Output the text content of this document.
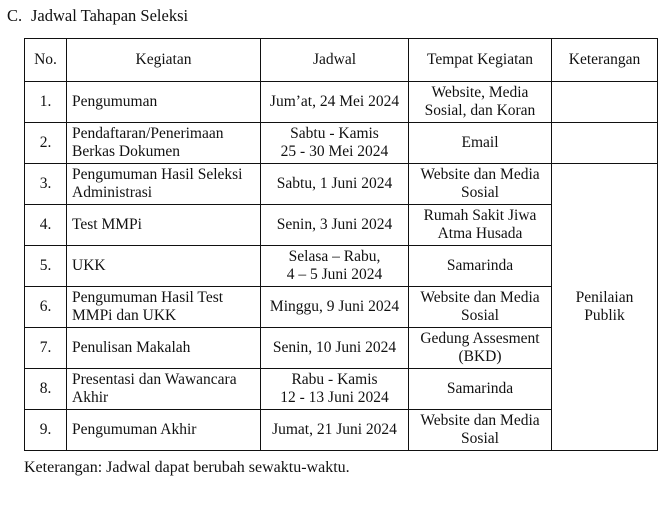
C. Jadwal Tahapan Seleksi
No.	Kegiatan	Jadwal	Tempat Kegiatan	Keterangan
1.	Pengumuman	Jum’at, 24 Mei 2024	Website, Media
Sosial, dan Koran	
2.	Pendaftaran/Penerimaan
Berkas Dokumen	Sabtu - Kamis
25 - 30 Mei 2024	Email	
3.	Pengumuman Hasil Seleksi
Administrasi	Sabtu, 1 Juni 2024	Website dan Media
Sosial	Penilaian
Publik
4.	Test MMPi	Senin, 3 Juni 2024	Rumah Sakit Jiwa
Atma Husada	
5.	UKK	Selasa – Rabu,
4 – 5 Juni 2024	Samarinda	
6.	Pengumuman Hasil Test
MMPi dan UKK	Minggu, 9 Juni 2024	Website dan Media
Sosial	
7.	Penulisan Makalah	Senin, 10 Juni 2024	Gedung Assesment
(BKD)	
8.	Presentasi dan Wawancara
Akhir	Rabu - Kamis
12 - 13 Juni 2024	Samarinda	
9.	Pengumuman Akhir	Jumat, 21 Juni 2024	Website dan Media
Sosial	
Keterangan: Jadwal dapat berubah sewaktu-waktu.
